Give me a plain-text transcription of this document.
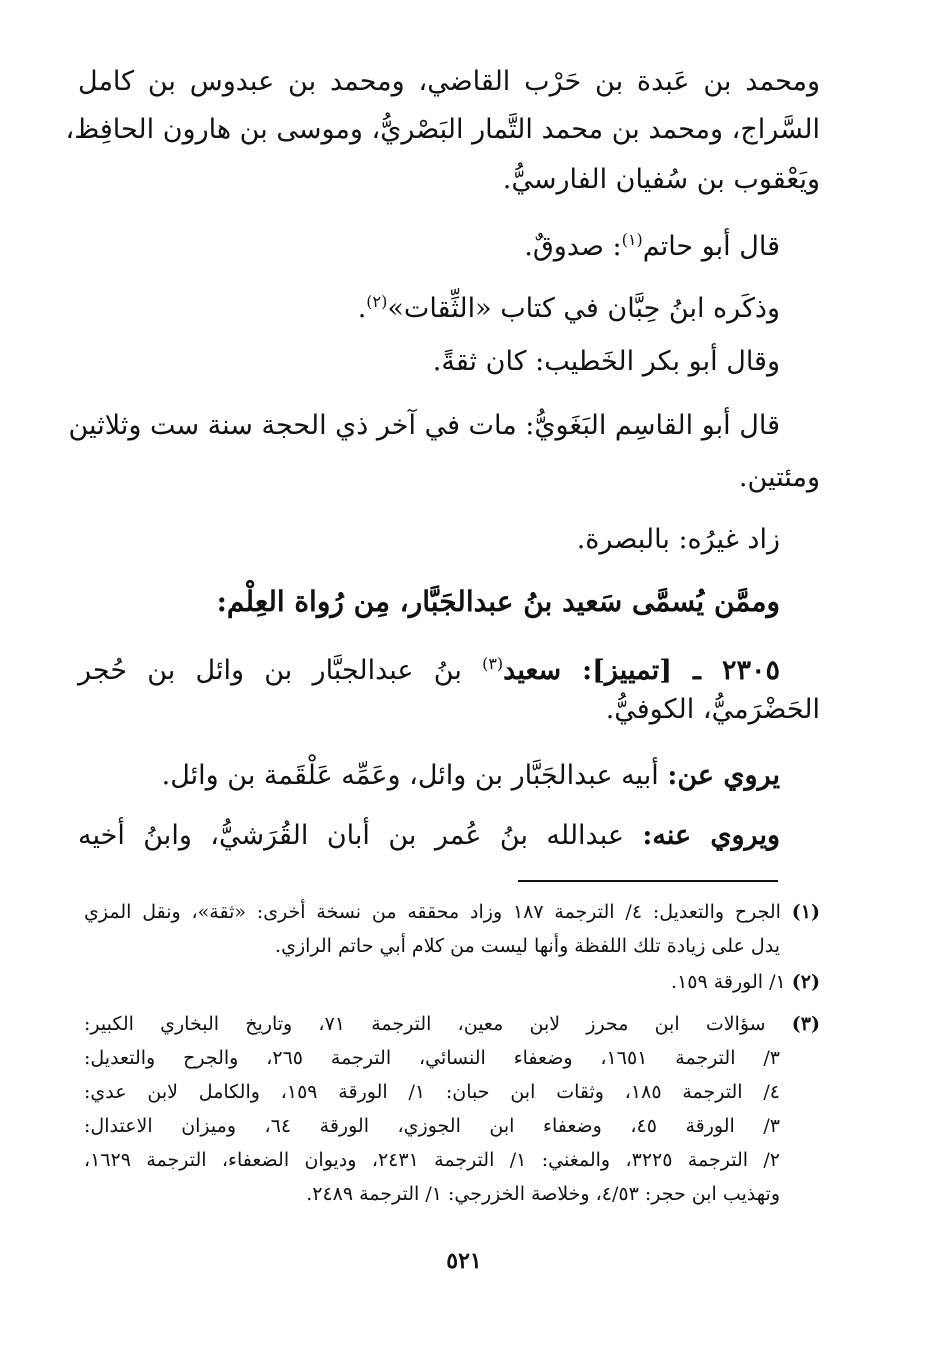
ومحمد بن عَبدة بن حَرْب القاضي، ومحمد بن عبدوس بن كامل
السَّراج، ومحمد بن محمد التَّمار البَصْريُّ، وموسى بن هارون الحافِظ،
ويَعْقوب بن سُفيان الفارسيُّ.
قال أبو حاتم$^{(١)}$: صدوقٌ.
وذكَره ابنُ حِبَّان في كتاب «الثِّقات»$^{(٢)}$.
وقال أبو بكر الخَطيب: كان ثقةً.
قال أبو القاسِم البَغَويُّ: مات في آخر ذي الحجة سنة ست وثلاثين
ومئتين.
زاد غيرُه: بالبصرة.
وممَّن يُسمَّى سَعيد بنُ عبدالجَبَّار، مِن رُواة العِلْم:
٢٣٠٥ ـ [تمييز]: سعيد$^{(٣)}$ بنُ عبدالجبَّار بن وائل بن حُجر
الحَضْرَميُّ، الكوفيُّ.
يروي عن: أبيه عبدالجَبَّار بن وائل، وعَمِّه عَلْقَمة بن وائل.
ويروي عنه: عبدالله بنُ عُمر بن أبان القُرَشيُّ، وابنُ أخيه
(١) الجرح والتعديل: ٤/ الترجمة ١٨٧ وزاد محققه من نسخة أخرى: «ثقة»، ونقل المزي
يدل على زيادة تلك اللفظة وأنها ليست من كلام أبي حاتم الرازي.
(٢) ١/ الورقة ١٥٩.
(٣) سؤالات ابن محرز لابن معين، الترجمة ٧١، وتاريخ البخاري الكبير:
٣/ الترجمة ١٦٥١، وضعفاء النسائي، الترجمة ٢٦٥، والجرح والتعديل:
٤/ الترجمة ١٨٥، وثقات ابن حبان: ١/ الورقة ١٥٩، والكامل لابن عدي:
٣/ الورقة ٤٥، وضعفاء ابن الجوزي، الورقة ٦٤، وميزان الاعتدال:
٢/ الترجمة ٣٢٢٥، والمغني: ١/ الترجمة ٢٤٣١، وديوان الضعفاء، الترجمة ١٦٢٩،
وتهذيب ابن حجر: ٤/٥٣، وخلاصة الخزرجي: ١/ الترجمة ٢٤٨٩.
٥٢١
